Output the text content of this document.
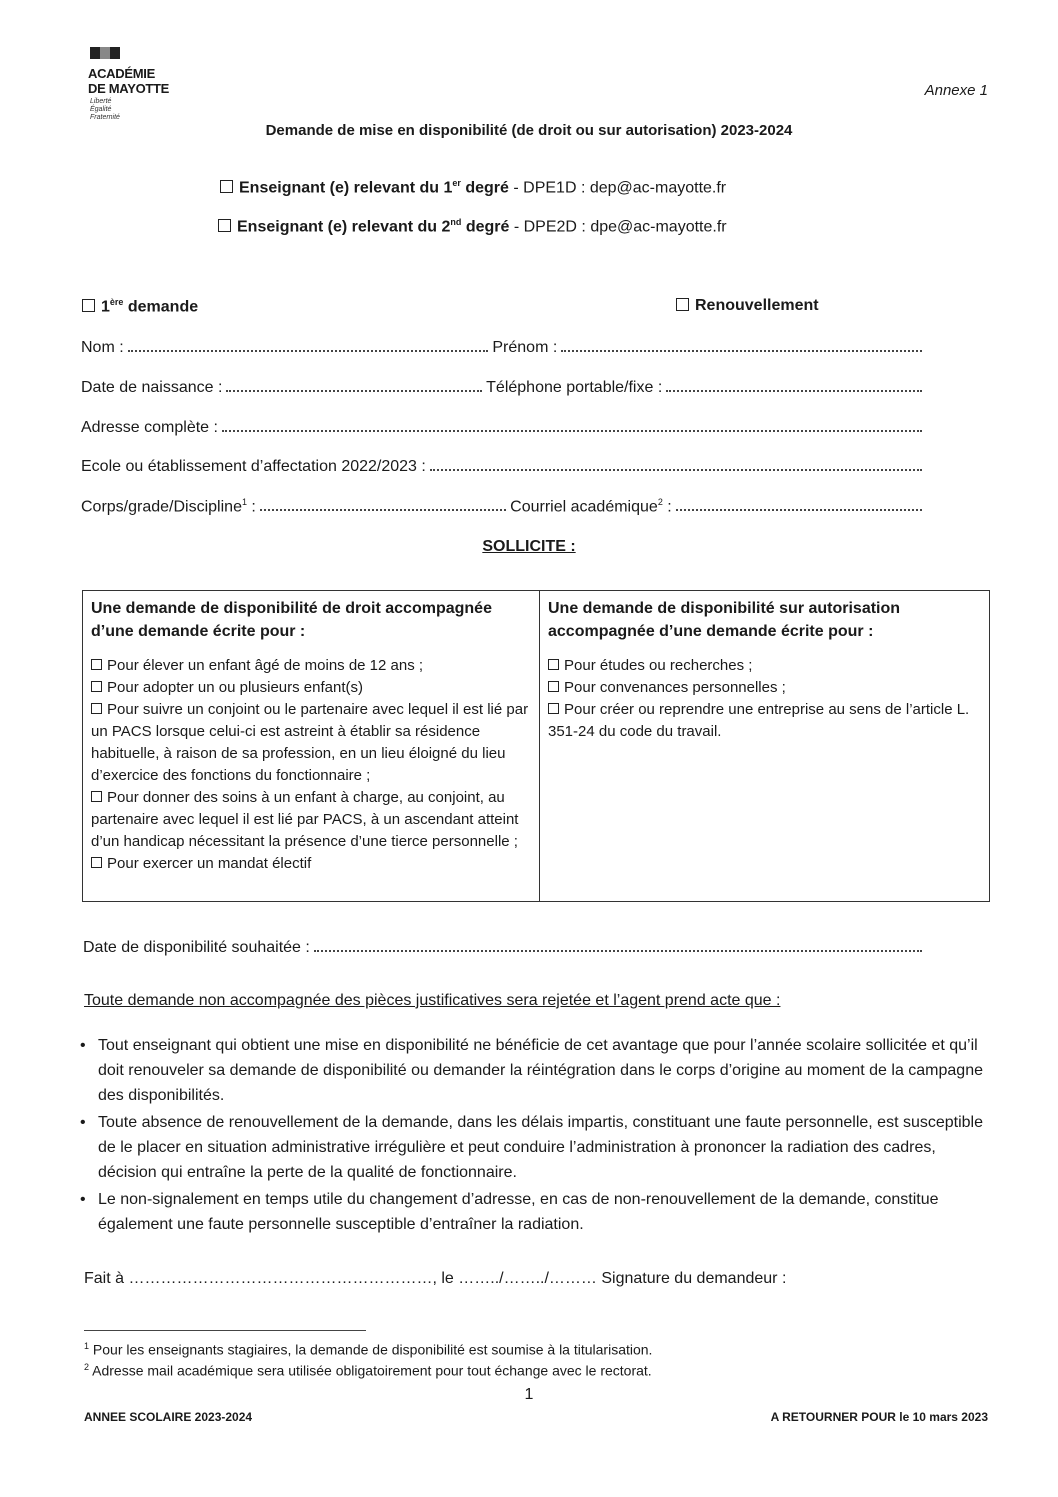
ACADÉMIE
DE MAYOTTE
Liberté
Égalité
Fraternité
Annexe 1
Demande de mise en disponibilité (de droit ou sur autorisation) 2023-2024
Enseignant (e) relevant du 1er degré - DPE1D : dep@ac-mayotte.fr
Enseignant (e) relevant du 2nd degré - DPE2D : dpe@ac-mayotte.fr
1ère demande	Renouvellement
Nom :	Prénom :
Date de naissance :	Téléphone portable/fixe :
Adresse complète :
Ecole ou établissement d’affectation 2022/2023 :
Corps/grade/Discipline$^1$ :	Courriel académique$^2$ :
SOLLICITE :
Une demande de disponibilité de droit accompagnée d’une demande écrite pour :
Pour élever un enfant âgé de moins de 12 ans ;
Pour adopter un ou plusieurs enfant(s)
Pour suivre un conjoint ou le partenaire avec lequel il est lié par un PACS lorsque celui-ci est astreint à établir sa résidence habituelle, à raison de sa profession, en un lieu éloigné du lieu d’exercice des fonctions du fonctionnaire ;
Pour donner des soins à un enfant à charge, au conjoint, au partenaire avec lequel il est lié par PACS, à un ascendant atteint d’un handicap nécessitant la présence d’une tierce personnelle ;
Pour exercer un mandat électif
Une demande de disponibilité sur autorisation accompagnée d’une demande écrite pour :
Pour études ou recherches ;
Pour convenances personnelles ;
Pour créer ou reprendre une entreprise au sens de l’article L. 351-24 du code du travail.
Date de disponibilité souhaitée :
Toute demande non accompagnée des pièces justificatives sera rejetée et l’agent prend acte que :
• Tout enseignant qui obtient une mise en disponibilité ne bénéficie de cet avantage que pour l’année scolaire sollicitée et qu’il doit renouveler sa demande de disponibilité ou demander la réintégration dans le corps d’origine au moment de la campagne des disponibilités.
• Toute absence de renouvellement de la demande, dans les délais impartis, constituant une faute personnelle, est susceptible de le placer en situation administrative irrégulière et peut conduire l’administration à prononcer la radiation des cadres, décision qui entraîne la perte de la qualité de fonctionnaire.
• Le non-signalement en temps utile du changement d’adresse, en cas de non-renouvellement de la demande, constitue également une faute personnelle susceptible d’entraîner la radiation.
Fait à …………………………………………………, le ……../……../……… Signature du demandeur :
$^1$ Pour les enseignants stagiaires, la demande de disponibilité est soumise à la titularisation.
$^2$ Adresse mail académique sera utilisée obligatoirement pour tout échange avec le rectorat.
1
ANNEE SCOLAIRE 2023-2024	A RETOURNER POUR le 10 mars 2023
